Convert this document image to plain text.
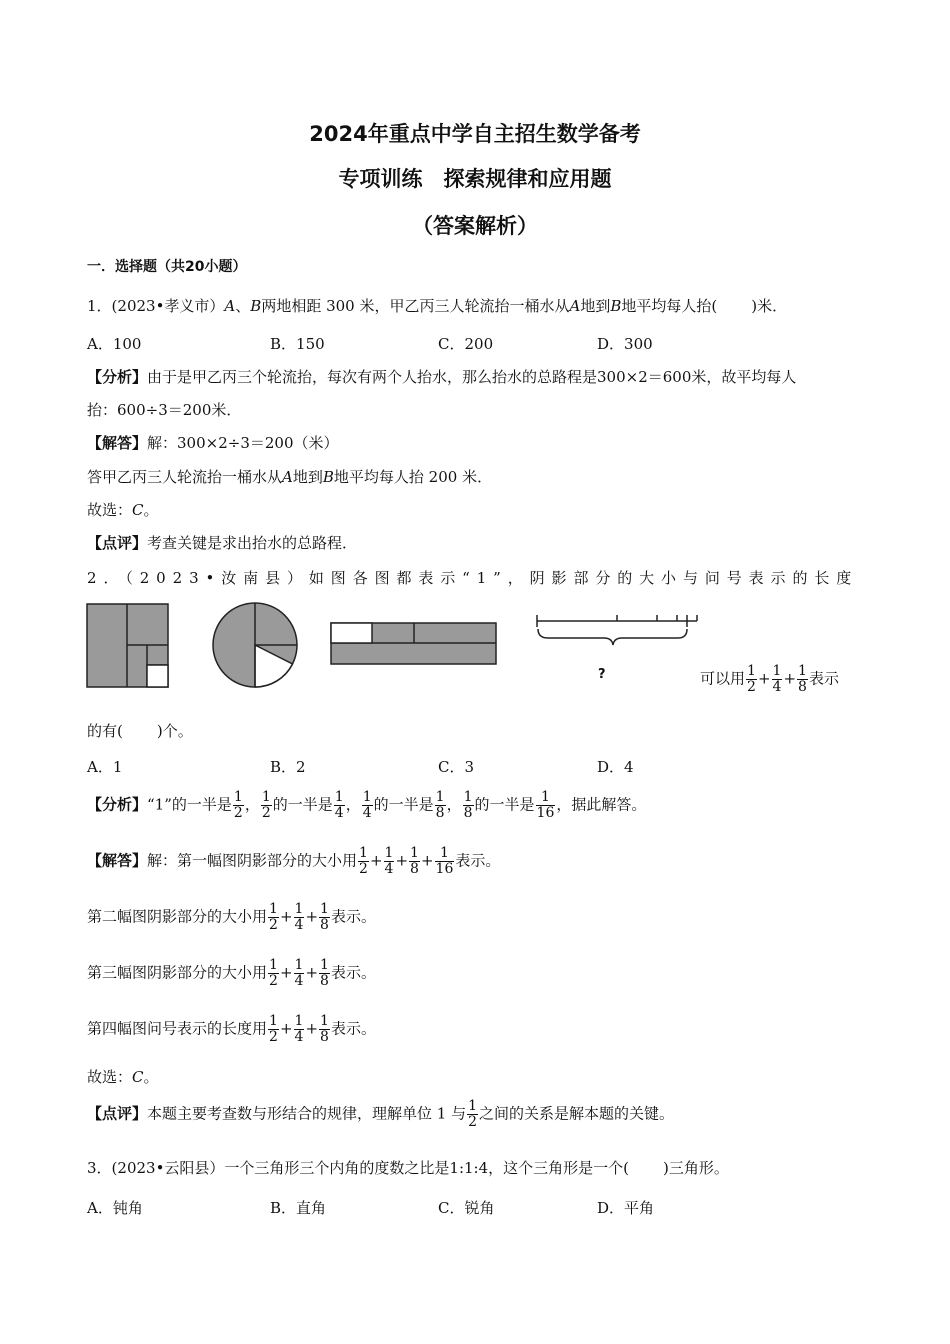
2024年重点中学自主招生数学备考
专项训练　探索规律和应用题
（答案解析）
一．选择题（共20小题）
1．(2023•孝义市）A、B两地相距 300 米，甲乙丙三人轮流抬一桶水从A地到B地平均每人抬( )米．
A．100	B．150	C．200	D．300
【分析】由于是甲乙丙三个轮流抬，每次有两个人抬水，那么抬水的总路程是300×2＝600米，故平均每人
抬：600÷3＝200米．
【解答】解：300×2÷3＝200（米）
答甲乙丙三人轮流抬一桶水从A地到B地平均每人抬 200 米．
故选：C。
【点评】考查关键是求出抬水的总路程．
2．（2023•汝南县）如图各图都表示“1”，阴影部分的大小与问号表示的长度
?	可以用 $\frac{1}{2} + \frac{1}{4} + \frac{1}{8}$ 表示
的有( )个。
A．1	B．2	C．3	D．4
【分析】“1”的一半是 $\frac{1}{2}$ ， $\frac{1}{2}$ 的一半是 $\frac{1}{4}$ ， $\frac{1}{4}$ 的一半是 $\frac{1}{8}$ ， $\frac{1}{8}$ 的一半是 $\frac{1}{16}$ ，据此解答。
【解答】解：第一幅图阴影部分的大小用 $\frac{1}{2} + \frac{1}{4} + \frac{1}{8} + \frac{1}{16}$ 表示。
第二幅图阴影部分的大小用 $\frac{1}{2} + \frac{1}{4} + \frac{1}{8}$ 表示。
第三幅图阴影部分的大小用 $\frac{1}{2} + \frac{1}{4} + \frac{1}{8}$ 表示。
第四幅图问号表示的长度用 $\frac{1}{2} + \frac{1}{4} + \frac{1}{8}$ 表示。
故选：C。
【点评】本题主要考查数与形结合的规律，理解单位 1 与 $\frac{1}{2}$ 之间的关系是解本题的关键。
3．(2023•云阳县）一个三角形三个内角的度数之比是1:1:4，这个三角形是一个( )三角形。
A．钝角	B．直角	C．锐角	D．平角
